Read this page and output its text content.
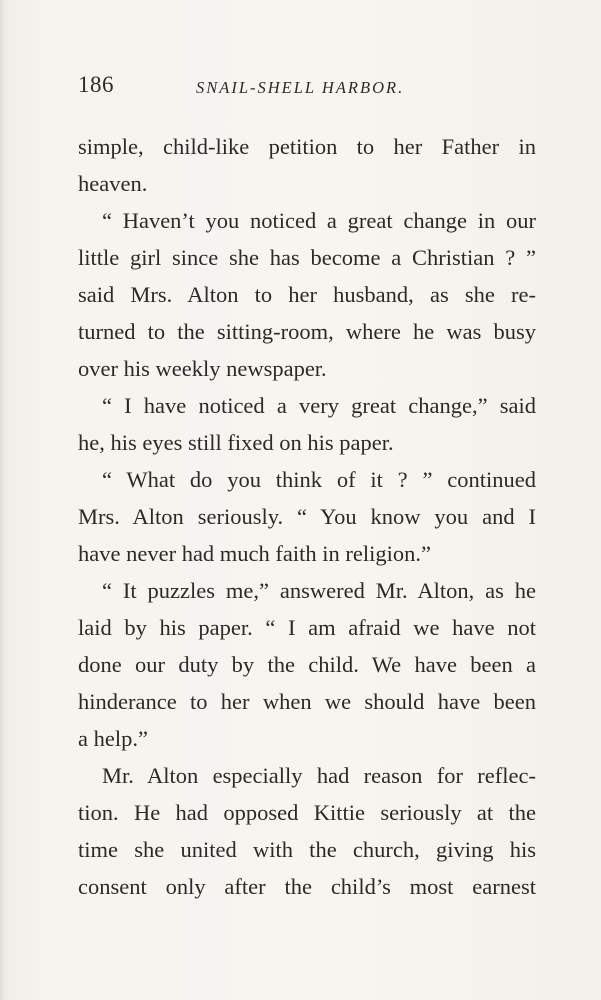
186	SNAIL-SHELL HARBOR.
simple, child-like petition to her Father in
heaven.
“ Haven’t you noticed a great change in our
little girl since she has become a Christian ? ”
said Mrs. Alton to her husband, as she re-
turned to the sitting-room, where he was busy
over his weekly newspaper.
“ I have noticed a very great change,” said
he, his eyes still fixed on his paper.
“ What do you think of it ? ” continued
Mrs. Alton seriously. “ You know you and I
have never had much faith in religion.”
“ It puzzles me,” answered Mr. Alton, as he
laid by his paper. “ I am afraid we have not
done our duty by the child. We have been a
hinderance to her when we should have been
a help.”
Mr. Alton especially had reason for reflec-
tion. He had opposed Kittie seriously at the
time she united with the church, giving his
consent only after the child’s most earnest
